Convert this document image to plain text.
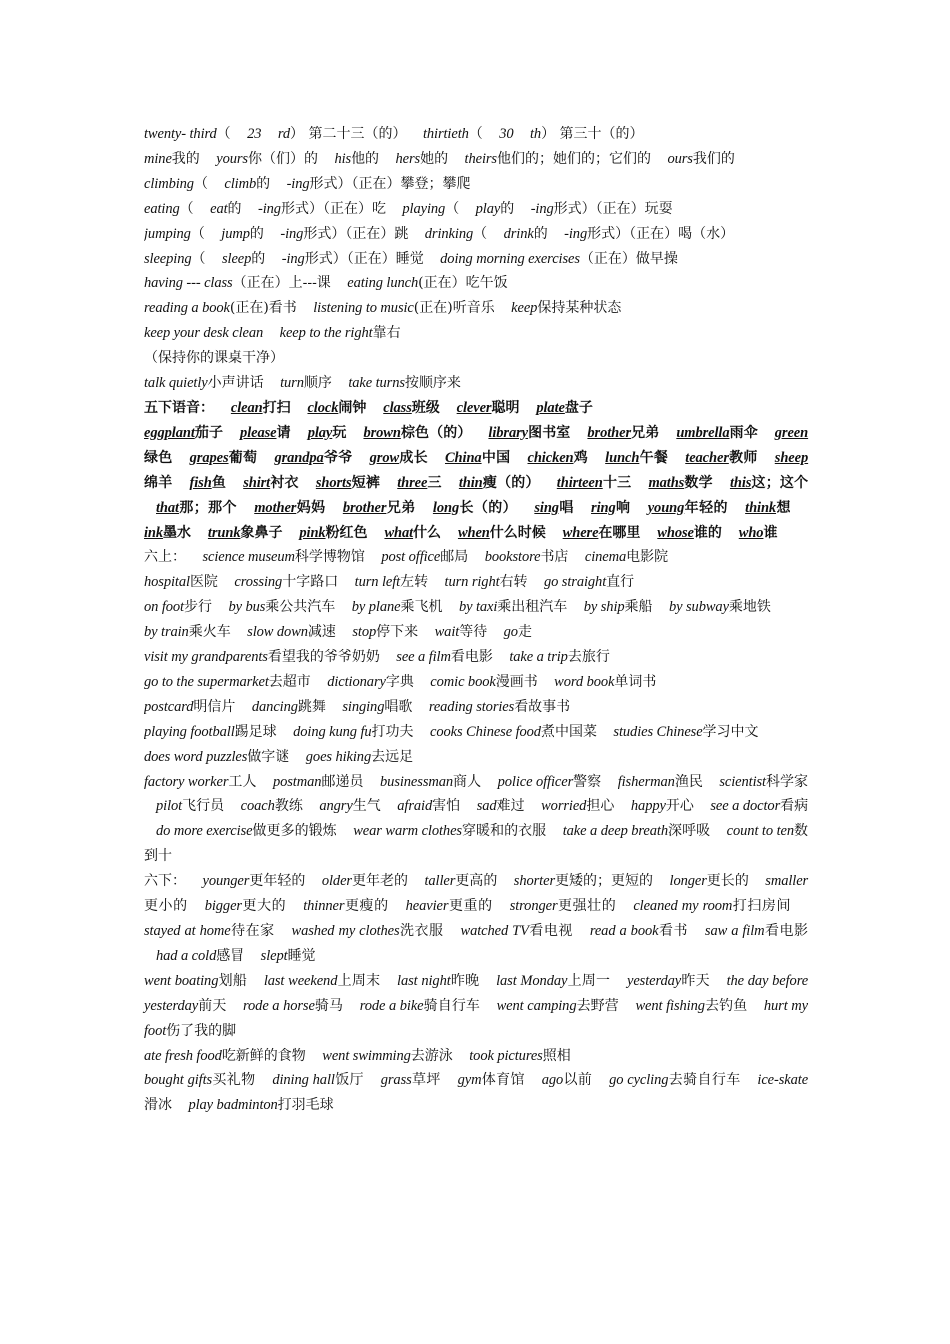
twenty- third（ 23 rd） 第二十三（的） thirtieth（ 30 th） 第三十（的）
mine我的 yours你（们）的 his他的 hers她的 theirs他们的；她们的；它们的 ours我们的
climbing（ climb的 -ing形式）（正在）攀登；攀爬
eating（ eat的 -ing形式）（正在）吃 playing（ play的 -ing形式）（正在）玩耍
jumping（ jump的 -ing形式）（正在）跳 drinking（ drink的 -ing形式）（正在）喝（水）
sleeping（ sleep的 -ing形式）（正在）睡觉 doing morning exercises（正在）做早操
having --- class（正在）上---课 eating lunch(正在）吃午饭
reading a book(正在)看书 listening to music(正在)听音乐 keep保持某种状态
keep your desk clean keep to the right靠右
（保持你的课桌干净）
talk quietly小声讲话 turn顺序 take turns按顺序来
五下语音： clean打扫 clock闹钟 class班级 clever聪明 plate盘子
eggplant茄子 please请 play玩 brown棕色（的） library图书室 brother兄弟 umbrella雨伞 green绿色 grapes葡萄 grandpa爷爷 grow成长 China中国 chicken鸡 lunch午餐 teacher教师 sheep绵羊 fish鱼 shirt衬衣 shorts短裤 three三 thin瘦（的） thirteen十三 maths数学 this这；这个 that那；那个 mother妈妈 brother兄弟 long长（的） sing唱 ring响 young年轻的 think想 ink墨水 trunk象鼻子 pink粉红色 what什么 when什么时候 where在哪里 whose谁的 who谁
六上： science museum科学博物馆 post office邮局 bookstore书店 cinema电影院
hospital医院 crossing十字路口 turn left左转 turn right右转 go straight直行
on foot步行 by bus乘公共汽车 by plane乘飞机 by taxi乘出租汽车 by ship乘船 by subway乘地铁
by train乘火车 slow down减速 stop停下来 wait等待 go走
visit my grandparents看望我的爷爷奶奶 see a film看电影 take a trip去旅行
go to the supermarket去超市 dictionary字典 comic book漫画书 word book单词书
postcard明信片 dancing跳舞 singing唱歌 reading stories看故事书
playing football踢足球 doing kung fu打功夫 cooks Chinese food煮中国菜 studies Chinese学习中文
does word puzzles做字谜 goes hiking去远足
factory worker工人 postman邮递员 businessman商人 police officer警察 fisherman渔民 scientist科学家 pilot飞行员 coach教练 angry生气 afraid害怕 sad难过 worried担心 happy开心 see a doctor看病 do more exercise做更多的锻炼 wear warm clothes穿暖和的衣服 take a deep breath深呼吸 count to ten数到十
六下： younger更年轻的 older更年老的 taller更高的 shorter更矮的；更短的 longer更长的 smaller更小的 bigger更大的 thinner更瘦的 heavier更重的 stronger更强壮的 cleaned my room打扫房间 stayed at home待在家 washed my clothes洗衣服 watched TV看电视 read a book看书 saw a film看电影 had a cold感冒 slept睡觉
went boating划船 last weekend上周末 last night昨晚 last Monday上周一 yesterday昨天 the day before yesterday前天 rode a horse骑马 rode a bike骑自行车 went camping去野营 went fishing去钓鱼 hurt my foot伤了我的脚
ate fresh food吃新鲜的食物 went swimming去游泳 took pictures照相
bought gifts买礼物 dining hall饭厅 grass草坪 gym体育馆 ago以前 go cycling去骑自行车 ice-skate滑冰 play badminton打羽毛球
